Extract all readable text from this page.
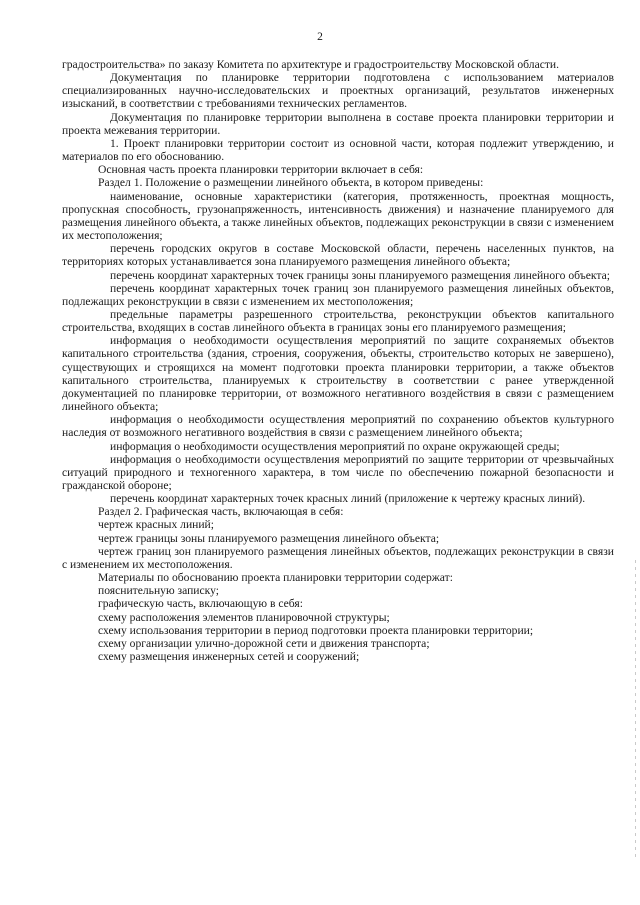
2

градостроительства» по заказу Комитета по архитектуре и градостроительству Московской области.

Документация по планировке территории подготовлена с использованием материалов специализированных научно-исследовательских и проектных организаций, результатов инженерных изысканий, в соответствии с требованиями технических регламентов.

Документация по планировке территории выполнена в составе проекта планировки территории и проекта межевания территории.

1. Проект планировки территории состоит из основной части, которая подлежит утверждению, и материалов по его обоснованию.

Основная часть проекта планировки территории включает в себя:

Раздел 1. Положение о размещении линейного объекта, в котором приведены:

наименование, основные характеристики (категория, протяженность, проектная мощность, пропускная способность, грузонапряженность, интенсивность движения) и назначение планируемого для размещения линейного объекта, а также линейных объектов, подлежащих реконструкции в связи с изменением их местоположения;

перечень городских округов в составе Московской области, перечень населенных пунктов, на территориях которых устанавливается зона планируемого размещения линейного объекта;

перечень координат характерных точек границы зоны планируемого размещения линейного объекта;

перечень координат характерных точек границ зон планируемого размещения линейных объектов, подлежащих реконструкции в связи с изменением их местоположения;

предельные параметры разрешенного строительства, реконструкции объектов капитального строительства, входящих в состав линейного объекта в границах зоны его планируемого размещения;

информация о необходимости осуществления мероприятий по защите сохраняемых объектов капитального строительства (здания, строения, сооружения, объекты, строительство которых не завершено), существующих и строящихся на момент подготовки проекта планировки территории, а также объектов капитального строительства, планируемых к строительству в соответствии с ранее утвержденной документацией по планировке территории, от возможного негативного воздействия в связи с размещением линейного объекта;

информация о необходимости осуществления мероприятий по сохранению объектов культурного наследия от возможного негативного воздействия в связи с размещением линейного объекта;

информация о необходимости осуществления мероприятий по охране окружающей среды;

информация о необходимости осуществления мероприятий по защите территории от чрезвычайных ситуаций природного и техногенного характера, в том числе по обеспечению пожарной безопасности и гражданской обороне;

перечень координат характерных точек красных линий (приложение к чертежу красных линий).

Раздел 2. Графическая часть, включающая в себя:

чертеж красных линий;

чертеж границы зоны планируемого размещения линейного объекта;

чертеж границ зон планируемого размещения линейных объектов, подлежащих реконструкции в связи с изменением их местоположения.

Материалы по обоснованию проекта планировки территории содержат:

пояснительную записку;

графическую часть, включающую в себя:

схему расположения элементов планировочной структуры;

схему использования территории в период подготовки проекта планировки территории;

схему организации улично-дорожной сети и движения транспорта;

схему размещения инженерных сетей и сооружений;
